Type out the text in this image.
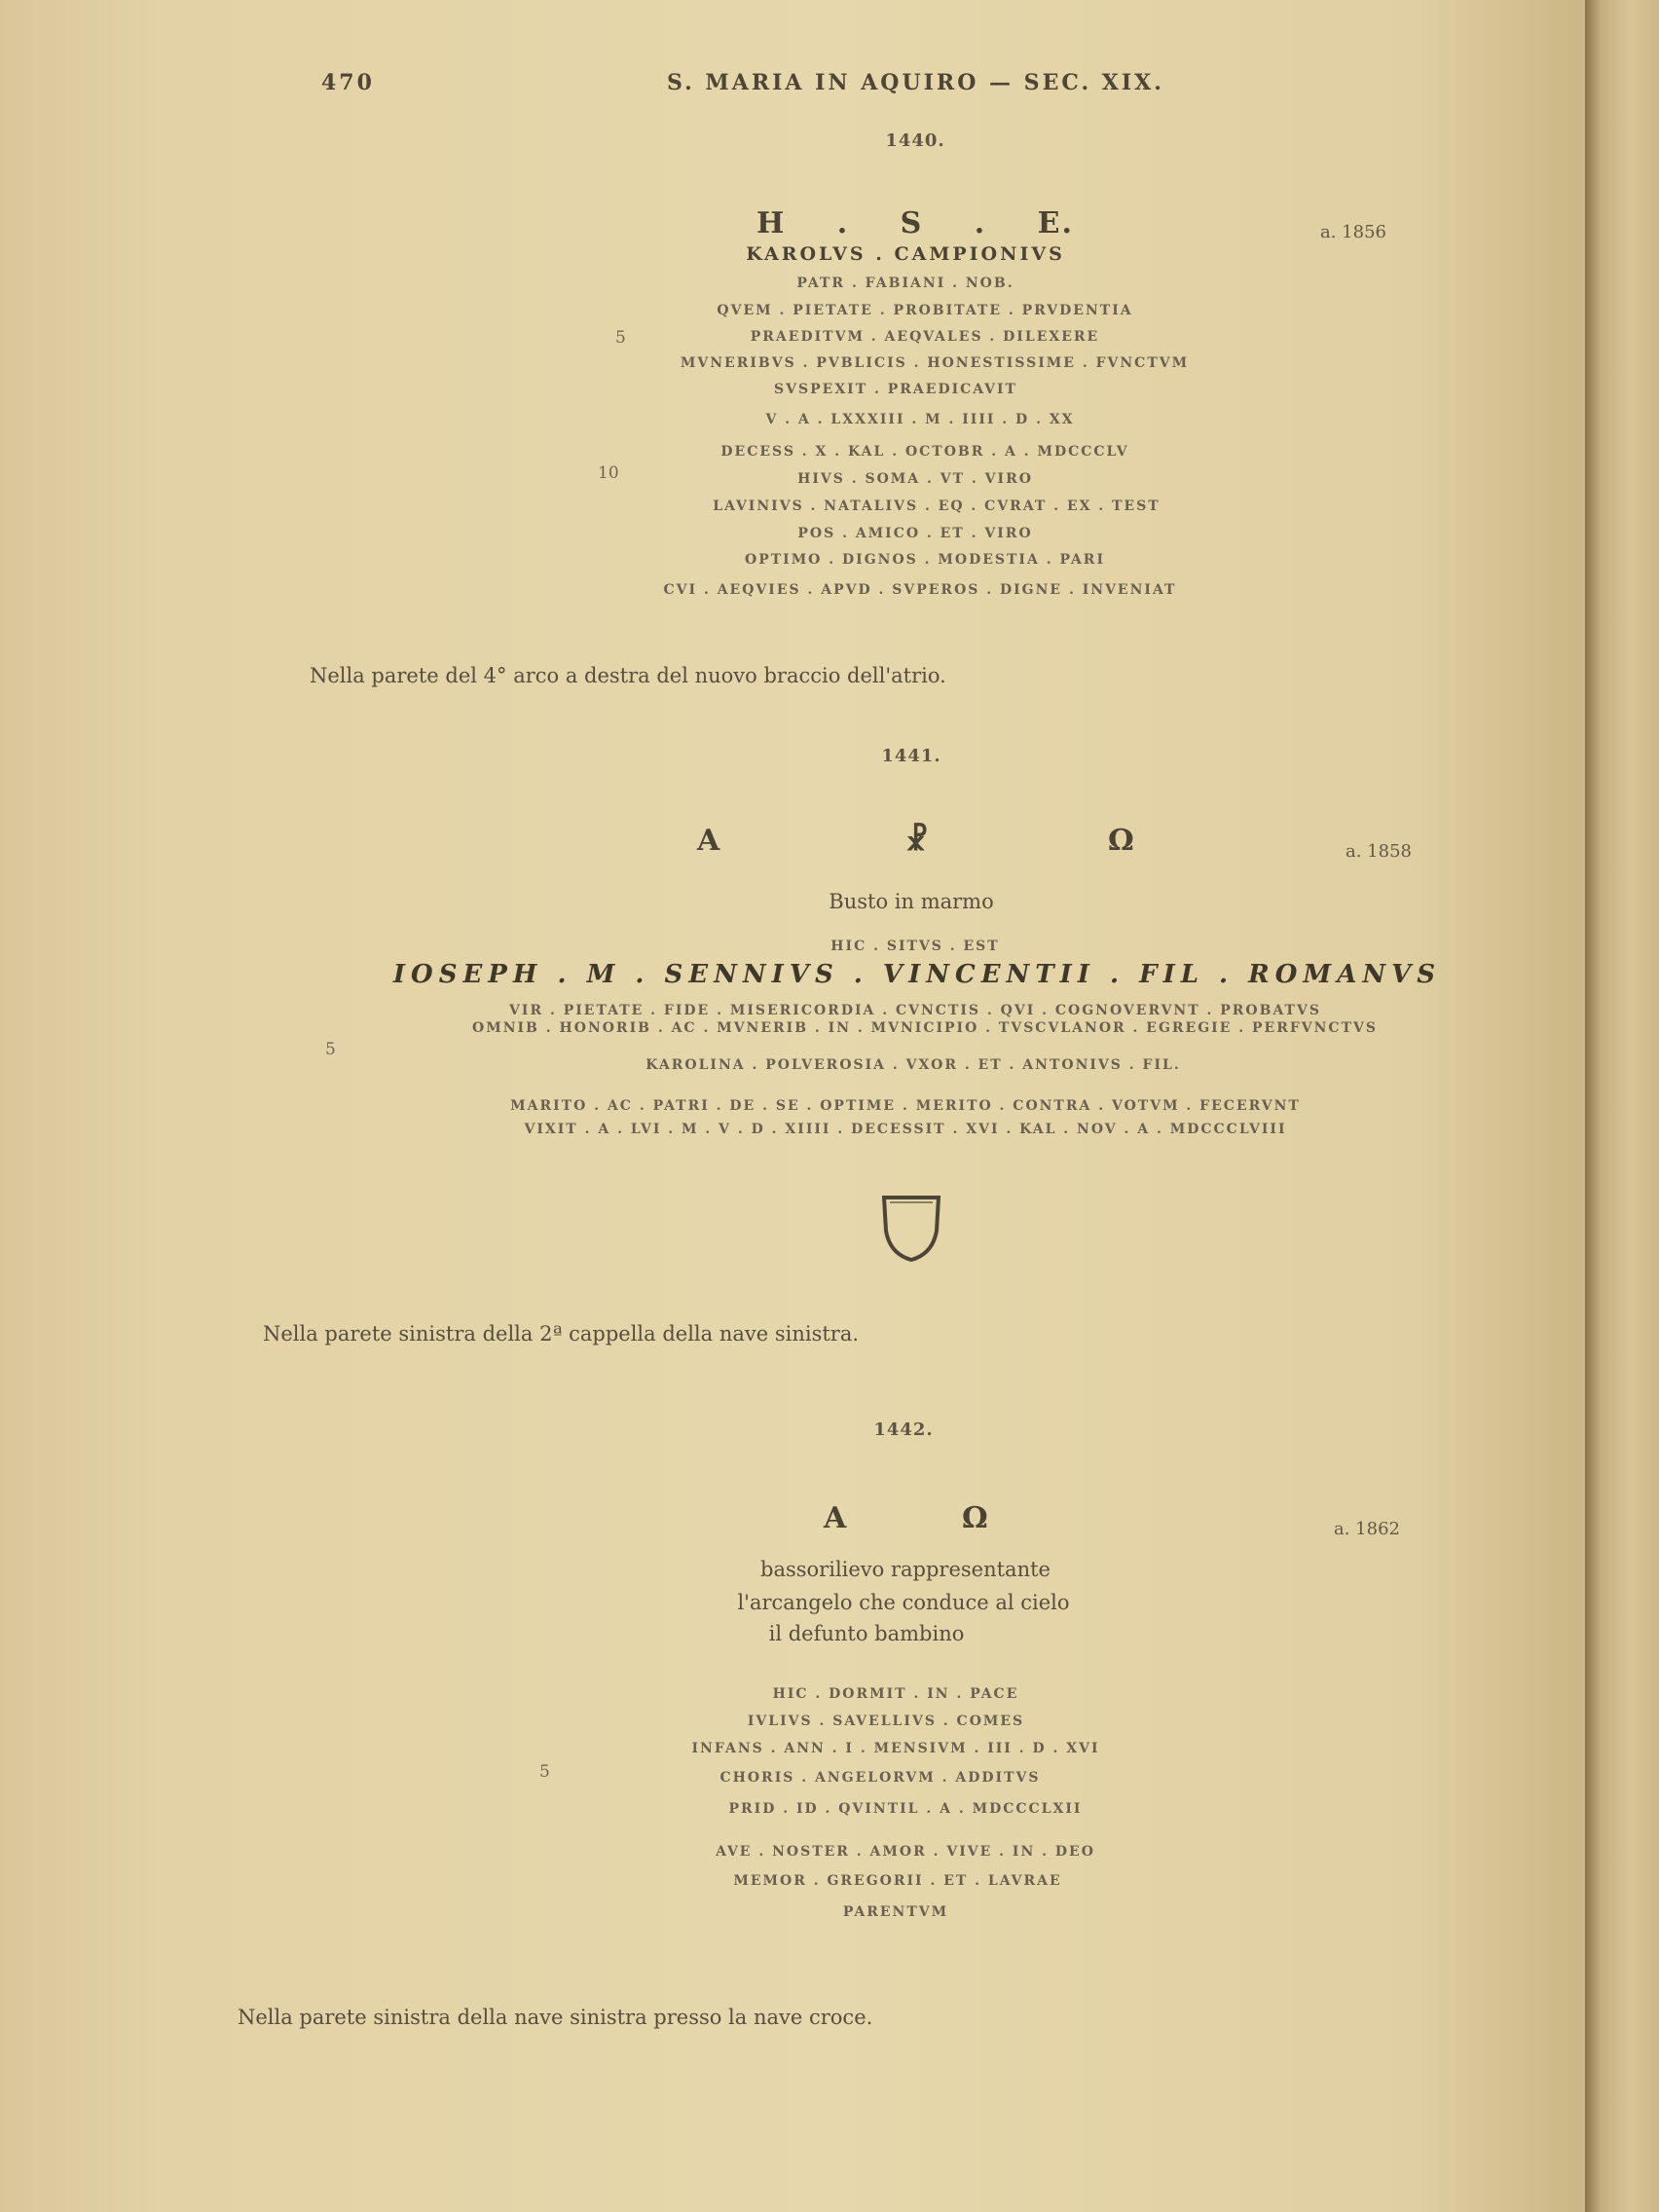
470	S. MARIA IN AQUIRO — SEC. XIX.
1440.
H . S . E.	a. 1856
KAROLVS . CAMPIONIVS
PATR . FABIANI . NOB.
QVEM . PIETATE . PROBITATE . PRVDENTIA
5	PRAEDITVM . AEQVALES . DILEXERE
MVNERIBVS . PVBLICIS . HONESTISSIME . FVNCTVM
SVSPEXIT . PRAEDICAVIT
V . A . LXXXIII . M . IIII . D . XX
DECESS . X . KAL . OCTOBR . A . MDCCCLV
10	HIVS . SOMA . VT . VIRO
LAVINIVS . NATALIVS . EQ . CVRAT . EX . TEST
POS . AMICO . ET . VIRO
OPTIMO . DIGNOS . MODESTIA . PARI
CVI . AEQVIES . APVD . SVPEROS . DIGNE . INVENIAT
Nella parete del 4° arco a destra del nuovo braccio dell'atrio.
1441.
A	☧	Ω	a. 1858
Busto in marmo
HIC . SITVS . EST
IOSEPH . M . SENNIVS . VINCENTII . FIL . ROMANVS
VIR . PIETATE . FIDE . MISERICORDIA . CVNCTIS . QVI . COGNOVERVNT . PROBATVS
OMNIB . HONORIB . AC . MVNERIB . IN . MVNICIPIO . TVSCVLANOR . EGREGIE . PERFVNCTVS
5
KAROLINA . POLVEROSIA . VXOR . ET . ANTONIVS . FIL.
MARITO . AC . PATRI . DE . SE . OPTIME . MERITO . CONTRA . VOTVM . FECERVNT
VIXIT . A . LVI . M . V . D . XIIII . DECESSIT . XVI . KAL . NOV . A . MDCCCLVIII
Nella parete sinistra della 2ª cappella della nave sinistra.
1442.
A	Ω	a. 1862
bassorilievo rappresentante
l'arcangelo che conduce al cielo
il defunto bambino
HIC . DORMIT . IN . PACE
IVLIVS . SAVELLIVS . COMES
INFANS . ANN . I . MENSIVM . III . D . XVI
5	CHORIS . ANGELORVM . ADDITVS
PRID . ID . QVINTIL . A . MDCCCLXII
AVE . NOSTER . AMOR . VIVE . IN . DEO
MEMOR . GREGORII . ET . LAVRAE
PARENTVM
Nella parete sinistra della nave sinistra presso la nave croce.
